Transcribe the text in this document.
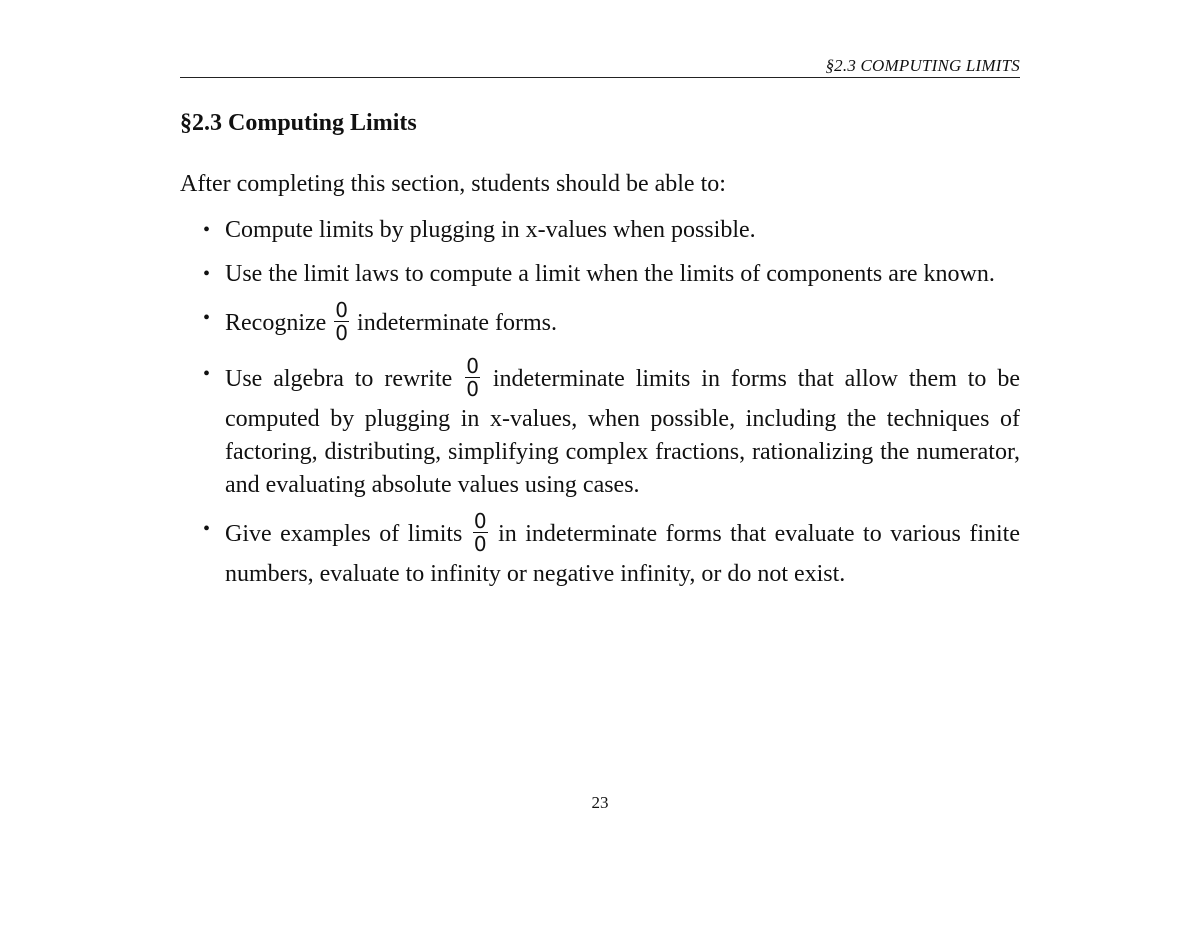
§2.3 COMPUTING LIMITS
§2.3 Computing Limits

After completing this section, students should be able to:

• Compute limits by plugging in x-values when possible.
• Use the limit laws to compute a limit when the limits of components are known.
• Recognize $\frac{0}{0}$ indeterminate forms.
• Use algebra to rewrite $\frac{0}{0}$ indeterminate limits in forms that allow them to be computed by plugging in x-values, when possible, including the techniques of factoring, distributing, simplifying complex fractions, rationalizing the numerator, and evaluating absolute values using cases.
• Give examples of limits $\frac{0}{0}$ in indeterminate forms that evaluate to various finite numbers, evaluate to infinity or negative infinity, or do not exist.
23
